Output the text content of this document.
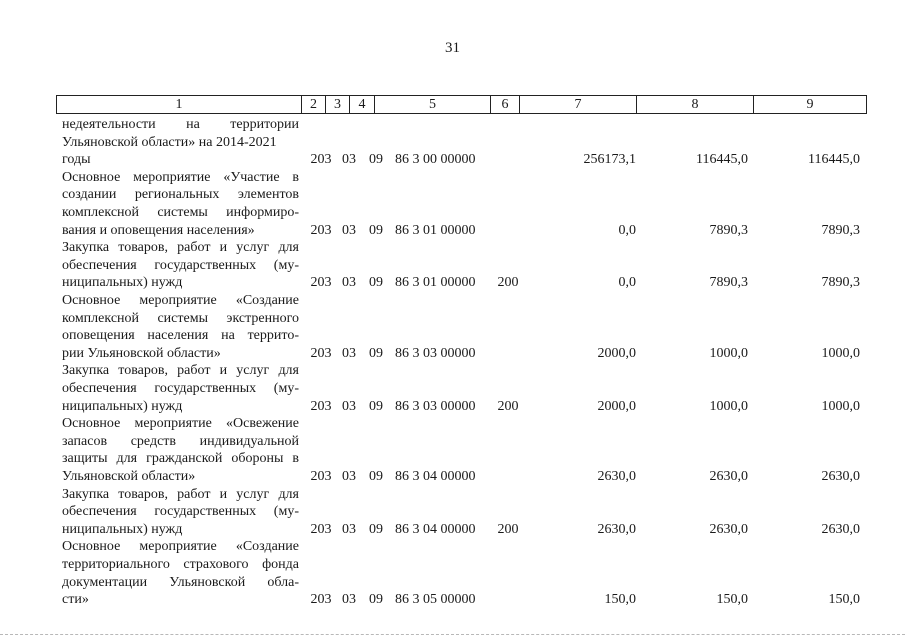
31
1	2	3	4	5	6	7	8	9
недеятельности на территории
Ульяновской области» на 2014-2021
годы	203 03 09 86 3 00 00000	256173,1	116445,0	116445,0
Основное мероприятие «Участие в
создании региональных элементов
комплексной системы информиро-
вания и оповещения населения»	203 03 09 86 3 01 00000	0,0	7890,3	7890,3
Закупка товаров, работ и услуг для
обеспечения государственных (му-
ниципальных) нужд	203 03 09 86 3 01 00000	200	0,0	7890,3	7890,3
Основное мероприятие «Создание
комплексной системы экстренного
оповещения населения на террито-
рии Ульяновской области»	203 03 09 86 3 03 00000	2000,0	1000,0	1000,0
Закупка товаров, работ и услуг для
обеспечения государственных (му-
ниципальных) нужд	203 03 09 86 3 03 00000	200	2000,0	1000,0	1000,0
Основное мероприятие «Освежение
запасов средств индивидуальной
защиты для гражданской обороны в
Ульяновской области»	203 03 09 86 3 04 00000	2630,0	2630,0	2630,0
Закупка товаров, работ и услуг для
обеспечения государственных (му-
ниципальных) нужд	203 03 09 86 3 04 00000	200	2630,0	2630,0	2630,0
Основное мероприятие «Создание
территориального страхового фонда
документации Ульяновской обла-
сти»	203 03 09 86 3 05 00000	150,0	150,0	150,0
